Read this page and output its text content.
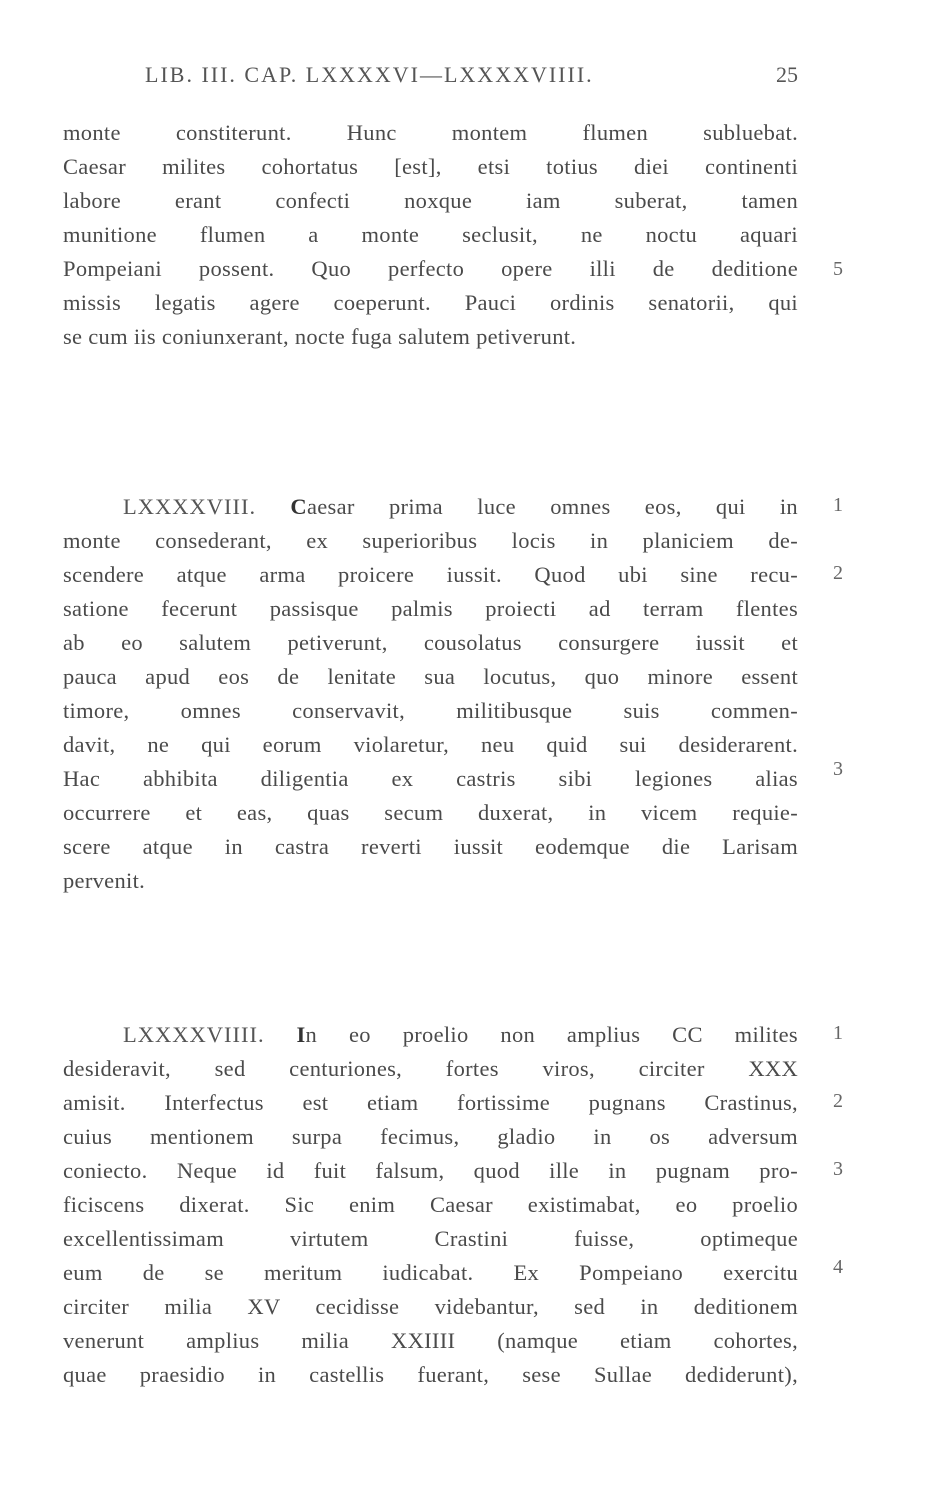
LIB. III. CAP. LXXXXVI—LXXXXVIIII.	25
monte constiterunt. Hunc montem flumen subluebat.
Caesar milites cohortatus [est], etsi totius diei continenti
labore erant confecti noxque iam suberat, tamen
munitione flumen a monte seclusit, ne noctu aquari
Pompeiani possent. Quo perfecto opere illi de deditione
missis legatis agere coeperunt. Pauci ordinis senatorii, qui
se cum iis coniunxerant, nocte fuga salutem petiverunt.
5
LXXXXVIII. Caesar prima luce omnes eos, qui in
monte consederant, ex superioribus locis in planiciem de-
scendere atque arma proicere iussit. Quod ubi sine recu-
satione fecerunt passisque palmis proiecti ad terram flentes
ab eo salutem petiverunt, cousolatus consurgere iussit et
pauca apud eos de lenitate sua locutus, quo minore essent
timore, omnes conservavit, militibusque suis commen-
davit, ne qui eorum violaretur, neu quid sui desiderarent.
Hac abhibita diligentia ex castris sibi legiones alias
occurrere et eas, quas secum duxerat, in vicem requie-
scere atque in castra reverti iussit eodemque die Larisam
pervenit.
1
2
3
LXXXXVIIII. In eo proelio non amplius CC milites
desideravit, sed centuriones, fortes viros, circiter XXX
amisit. Interfectus est etiam fortissime pugnans Crastinus,
cuius mentionem surpa fecimus, gladio in os adversum
coniecto. Neque id fuit falsum, quod ille in pugnam pro-
ficiscens dixerat. Sic enim Caesar existimabat, eo proelio
excellentissimam virtutem Crastini fuisse, optimeque
eum de se meritum iudicabat. Ex Pompeiano exercitu
circiter milia XV cecidisse videbantur, sed in deditionem
venerunt amplius milia XXIIII (namque etiam cohortes,
quae praesidio in castellis fuerant, sese Sullae dediderunt),
1
2
3
4
